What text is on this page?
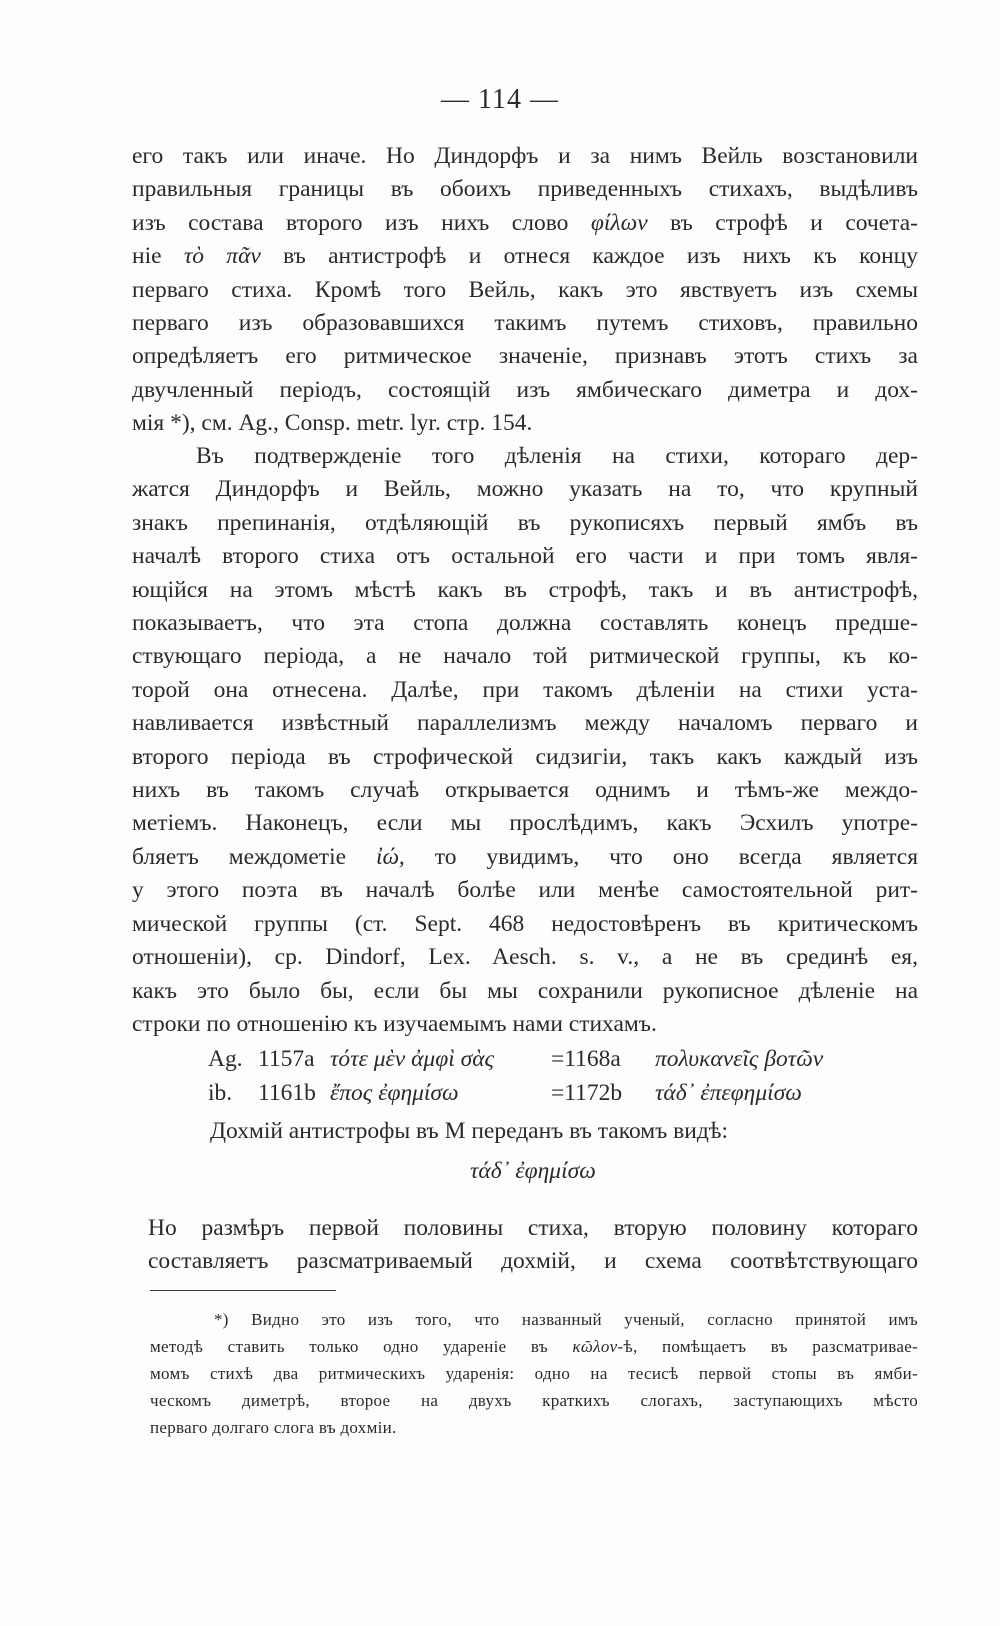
— 114 —
его такъ или иначе. Но Диндорфъ и за нимъ Вейль возстановили
правильныя границы въ обоихъ приведенныхъ стихахъ, выдѣливъ
изъ состава второго изъ нихъ слово φίλων въ строфѣ и сочета-
ніе τὸ πᾶν въ антистрофѣ и отнеся каждое изъ нихъ къ концу
перваго стиха. Кромѣ того Вейль, какъ это явствуетъ изъ схемы
перваго изъ образовавшихся такимъ путемъ стиховъ, правильно
опредѣляетъ его ритмическое значеніе, признавъ этотъ стихъ за
двучленный періодъ, состоящій изъ ямбическаго диметра и дох-
мія *), см. Ag., Consp. metr. lyr. стр. 154.
Въ подтвержденіе того дѣленія на стихи, котораго дер-
жатся Диндорфъ и Вейль, можно указать на то, что крупный
знакъ препинанія, отдѣляющій въ рукописяхъ первый ямбъ въ
началѣ второго стиха отъ остальной его части и при томъ явля-
ющійся на этомъ мѣстѣ какъ въ строфѣ, такъ и въ антистрофѣ,
показываетъ, что эта стопа должна составлять конецъ предше-
ствующаго періода, а не начало той ритмической группы, къ ко-
торой она отнесена. Далѣе, при такомъ дѣленіи на стихи уста-
навливается извѣстный параллелизмъ между началомъ перваго и
второго періода въ строфической сидзигіи, такъ какъ каждый изъ
нихъ въ такомъ случаѣ открывается однимъ и тѣмъ-же междо-
метіемъ. Наконецъ, если мы прослѣдимъ, какъ Эсхилъ употре-
бляетъ междометіе ἰώ, то увидимъ, что оно всегда является
у этого поэта въ началѣ болѣе или менѣе самостоятельной рит-
мической группы (ст. Sept. 468 недостовѣренъ въ критическомъ
отношеніи), ср. Dindorf, Lex. Aesch. s. v., а не въ срединѣ ея,
какъ это было бы, если бы мы сохранили рукописное дѣленіе на
строки по отношенію къ изучаемымъ нами стихамъ.
Ag. 1157a τότε μὲν ἀμφὶ σὰς =1168a πολυκανεῖς βοτῶν
ib. 1161b ἔπος ἐφημίσω	=1172b τάδ᾽ ἐπεφημίσω
Дохмій антистрофы въ М переданъ въ такомъ видѣ:
τάδ᾽ ἐφημίσω
Но размѣръ первой половины стиха, вторую половину котораго
составляетъ разсматриваемый дохмій, и схема соотвѣтствующаго
*) Видно это изъ того, что названный ученый, согласно принятой имъ
методѣ ставить только одно удареніе въ κῶλον-ѣ, помѣщаетъ въ разсматривае-
момъ стихѣ два ритмическихъ ударенія: одно на тесисѣ первой стопы въ ямби-
ческомъ диметрѣ, второе на двухъ краткихъ слогахъ, заступающихъ мѣсто
перваго долгаго слога въ дохміи.
